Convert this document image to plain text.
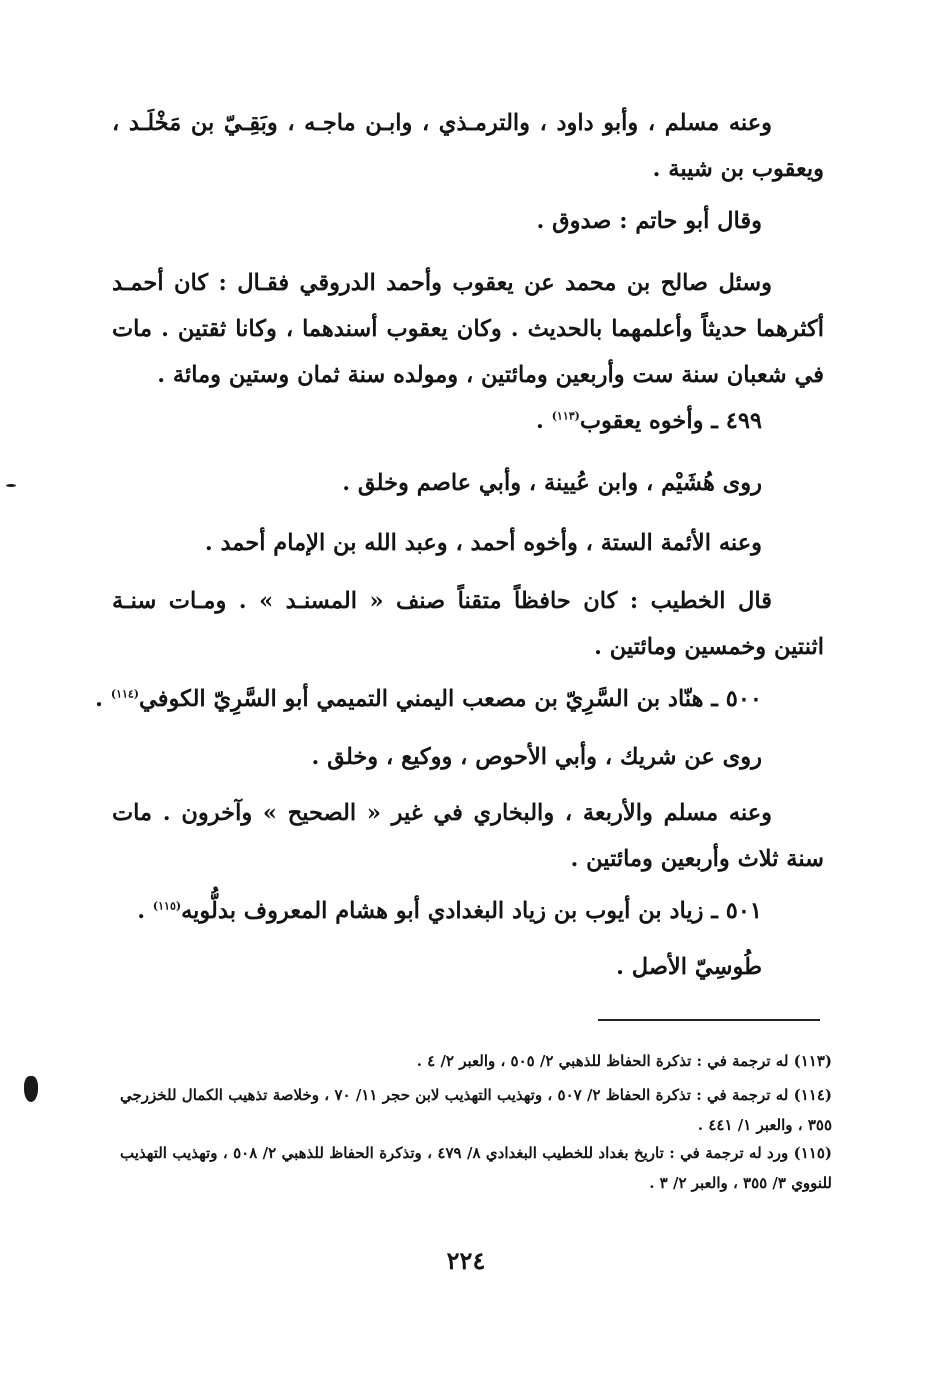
وعنه مسلم ، وأبو داود ، والترمـذي ، وابـن ماجـه ، وبَقِـيّ بن مَخْلَـد ، ويعقوب بن شيبة .

وقال أبو حاتم : صدوق .

وسئل صالح بن محمد عن يعقوب وأحمد الدروقي فقـال : كان أحمـد أكثرهما حديثاً وأعلمهما بالحديث . وكان يعقوب أسندهما ، وكانا ثقتين . مات في شعبان سنة ست وأربعين ومائتين ، ومولده سنة ثمان وستين ومائة .

٤٩٩ ـ وأخوه يعقوب$^{(١١٣)}$ .

روى هُشَيْم ، وابن عُيينة ، وأبي عاصم وخلق .

وعنه الأئمة الستة ، وأخوه أحمد ، وعبد الله بن الإمام أحمد .

قال الخطيب : كان حافظاً متقناً صنف « المسنـد » . ومـات سنـة اثنتين وخمسين ومائتين .

٥٠٠ ـ هنّاد بن السَّرِيّ بن مصعب اليمني التميمي أبو السَّرِيّ الكوفي$^{(١١٤)}$ .

روى عن شريك ، وأبي الأحوص ، ووكيع ، وخلق .

وعنه مسلم والأربعة ، والبخاري في غير « الصحيح » وآخرون . مات سنة ثلاث وأربعين ومائتين .

٥٠١ ـ زياد بن أيوب بن زياد البغدادي أبو هشام المعروف بدلُّويه$^{(١١٥)}$ .

طُوسِيّ الأصل .

(١١٣) له ترجمة في : تذكرة الحفاظ للذهبي ٢/ ٥٠٥ ، والعبر ٢/ ٤ .

(١١٤) له ترجمة في : تذكرة الحفاظ ٢/ ٥٠٧ ، وتهذيب التهذيب لابن حجر ١١/ ٧٠ ، وخلاصة تذهيب الكمال للخزرجي ٣٥٥ ، والعبر ١/ ٤٤١ .

(١١٥) ورد له ترجمة في : تاريخ بغداد للخطيب البغدادي ٨/ ٤٧٩ ، وتذكرة الحفاظ للذهبي ٢/ ٥٠٨ ، وتهذيب التهذيب للنووي ٣/ ٣٥٥ ، والعبر ٢/ ٣ .

٢٢٤
